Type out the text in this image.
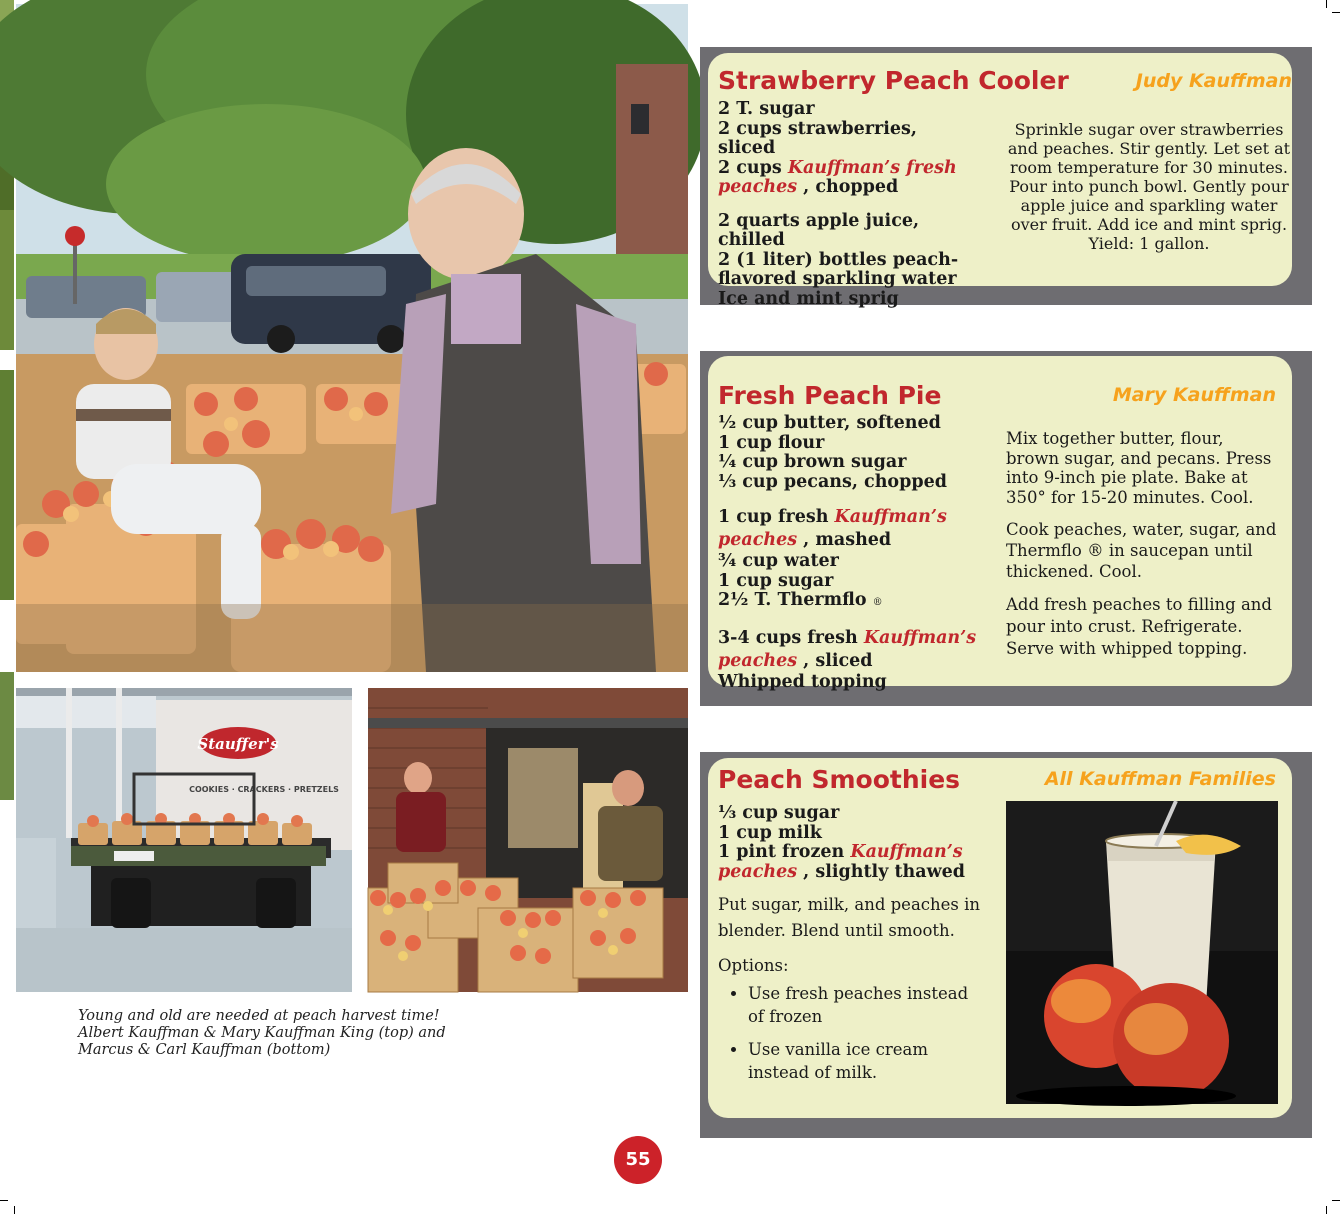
Stauffer's
COOKIES · CRACKERS · PRETZELS
Young and old are needed at peach harvest time!
Albert Kauffman & Mary Kauffman King (top) and
Marcus & Carl Kauffman (bottom)
55
Strawberry Peach Cooler	Judy Kauffman
2 T. sugar
2 cups strawberries, sliced
2 cups Kauffman’s fresh peaches , chopped
2 quarts apple juice, chilled
2 (1 liter) bottles peach-flavored sparkling water
Ice and mint sprig
Sprinkle sugar over strawberries and peaches. Stir gently. Let set at room temperature for 30 minutes. Pour into punch bowl. Gently pour apple juice and sparkling water over fruit. Add ice and mint sprig. Yield: 1 gallon.
Fresh Peach Pie	Mary Kauffman
½ cup butter, softened
1 cup flour
¼ cup brown sugar
⅓ cup pecans, chopped
1 cup fresh Kauffman’s peaches , mashed
¾ cup water
1 cup sugar
2½ T. Thermflo ®
3-4 cups fresh Kauffman’s peaches , sliced
Whipped topping

Mix together butter, flour, brown sugar, and pecans. Press into 9-inch pie plate. Bake at 350° for 15-20 minutes. Cool.

Cook peaches, water, sugar, and Thermflo ® in saucepan until thickened. Cool.

Add fresh peaches to filling and pour into crust. Refrigerate. Serve with whipped topping.

Peach Smoothies	All Kauffman Families
⅓ cup sugar
1 cup milk
1 pint frozen Kauffman’s peaches , slightly thawed
Put sugar, milk, and peaches in blender. Blend until smooth.
Options:
• Use fresh peaches instead of frozen
• Use vanilla ice cream instead of milk.
